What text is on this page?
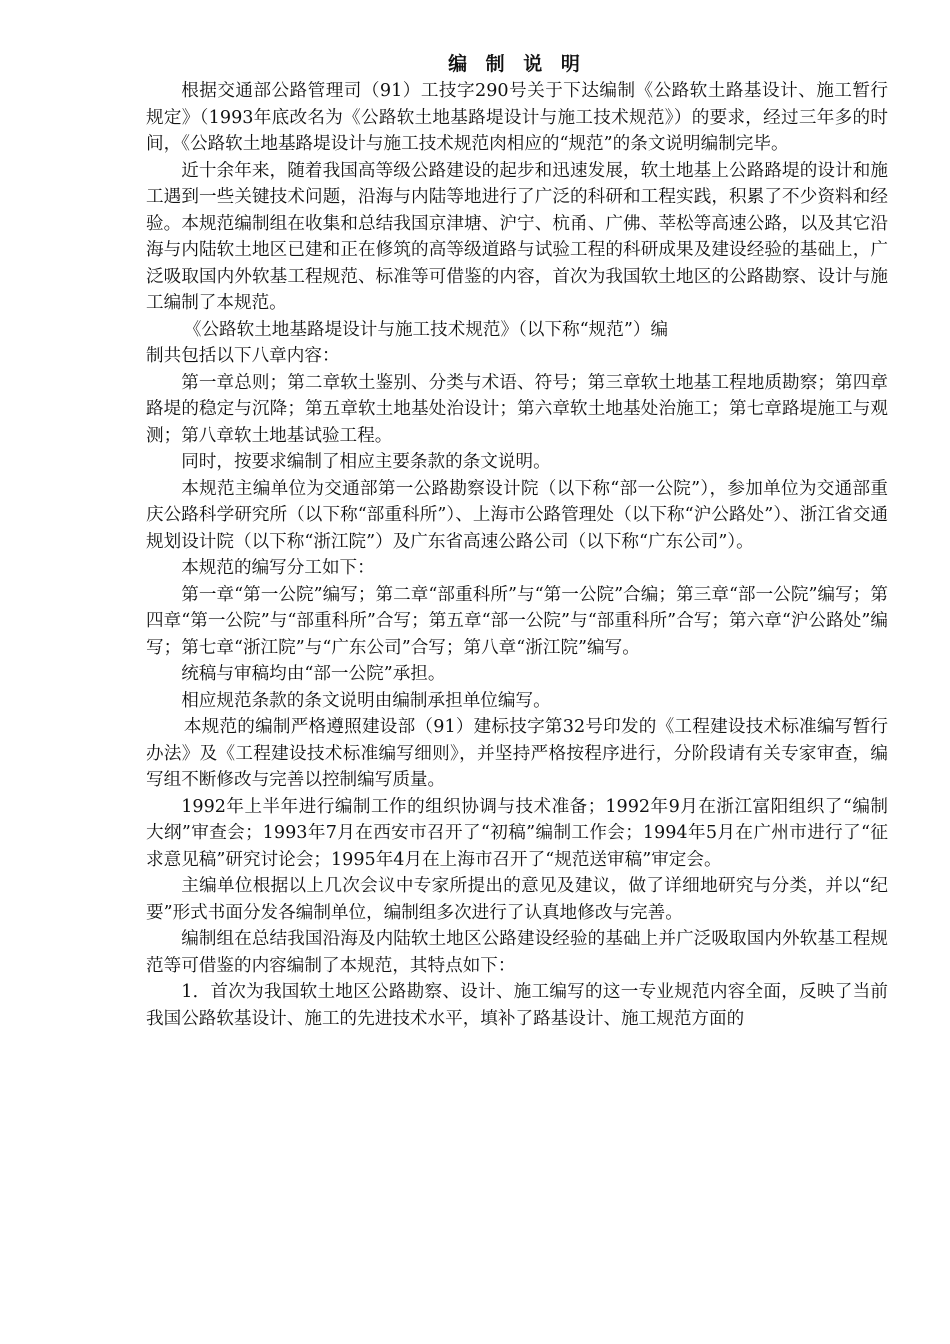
编 制 说 明

根据交通部公路管理司（91）工技字290号关于下达编制《公路软土路基设计、施工暂行规定》（1993年底改名为《公路软土地基路堤设计与施工技术规范》）的要求，经过三年多的时间，《公路软土地基路堤设计与施工技术规范肉相应的“规范”的条文说明编制完毕。

近十余年来，随着我国高等级公路建设的起步和迅速发展，软土地基上公路路堤的设计和施工遇到一些关键技术问题，沿海与内陆等地进行了广泛的科研和工程实践，积累了不少资料和经验。本规范编制组在收集和总结我国京津塘、沪宁、杭甬、广佛、莘松等高速公路，以及其它沿海与内陆软土地区已建和正在修筑的高等级道路与试验工程的科研成果及建设经验的基础上，广泛吸取国内外软基工程规范、标准等可借鉴的内容，首次为我国软土地区的公路勘察、设计与施工编制了本规范。

《公路软土地基路堤设计与施工技术规范》（以下称“规范”）编

制共包括以下八章内容：

第一章总则；第二章软土鉴别、分类与术语、符号；第三章软土地基工程地质勘察；第四章路堤的稳定与沉降；第五章软土地基处治设计；第六章软土地基处治施工；第七章路堤施工与观测；第八章软土地基试验工程。

同时，按要求编制了相应主要条款的条文说明。

本规范主编单位为交通部第一公路勘察设计院（以下称“部一公院”），参加单位为交通部重庆公路科学研究所（以下称“部重科所”）、上海市公路管理处（以下称“沪公路处”）、浙江省交通规划设计院（以下称“浙江院”）及广东省高速公路公司（以下称“广东公司”）。

本规范的编写分工如下：

第一章“第一公院”编写；第二章“部重科所”与“第一公院”合编；第三章“部一公院”编写；第四章“第一公院”与“部重科所”合写；第五章“部一公院”与“部重科所”合写；第六章“沪公路处”编写；第七章“浙江院”与“广东公司”合写；第八章“浙江院”编写。

统稿与审稿均由“部一公院”承担。

相应规范条款的条文说明由编制承担单位编写。

本规范的编制严格遵照建设部（91）建标技字第32号印发的《工程建设技术标准编写暂行办法》及《工程建设技术标准编写细则》，并坚持严格按程序进行，分阶段请有关专家审查，编写组不断修改与完善以控制编写质量。

1992年上半年进行编制工作的组织协调与技术准备；1992年9月在浙江富阳组织了“编制大纲”审查会；1993年7月在西安市召开了“初稿”编制工作会；1994年5月在广州市进行了“征求意见稿”研究讨论会；1995年4月在上海市召开了“规范送审稿”审定会。

主编单位根据以上几次会议中专家所提出的意见及建议，做了详细地研究与分类，并以“纪要”形式书面分发各编制单位，编制组多次进行了认真地修改与完善。

编制组在总结我国沿海及内陆软土地区公路建设经验的基础上并广泛吸取国内外软基工程规范等可借鉴的内容编制了本规范，其特点如下：

1．首次为我国软土地区公路勘察、设计、施工编写的这一专业规范内容全面，反映了当前我国公路软基设计、施工的先进技术水平，填补了路基设计、施工规范方面的
